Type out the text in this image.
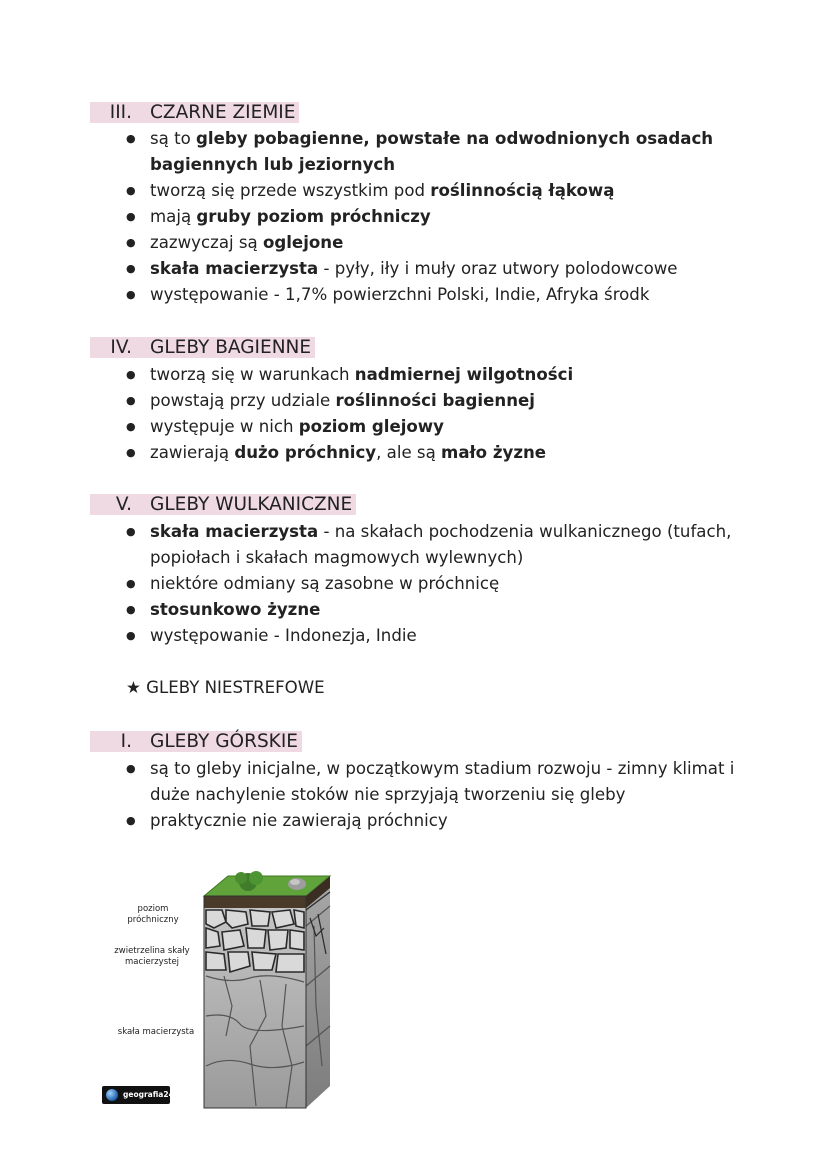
III. CZARNE ZIEMIE
● są to gleby pobagienne, powstałe na odwodnionych osadach bagiennych lub jeziornych
● tworzą się przede wszystkim pod roślinnością łąkową
● mają gruby poziom próchniczy
● zazwyczaj są oglejone
● skała macierzysta - pyły, iły i muły oraz utwory polodowcowe
● występowanie - 1,7% powierzchni Polski, Indie, Afryka środk
IV. GLEBY BAGIENNE
● tworzą się w warunkach nadmiernej wilgotności
● powstają przy udziale roślinności bagiennej
● występuje w nich poziom glejowy
● zawierają dużo próchnicy, ale są mało żyzne
V. GLEBY WULKANICZNE
● skała macierzysta - na skałach pochodzenia wulkanicznego (tufach, popiołach i skałach magmowych wylewnych)
● niektóre odmiany są zasobne w próchnicę
● stosunkowo żyzne
● występowanie - Indonezja, Indie
★ GLEBY NIESTREFOWE
I. GLEBY GÓRSKIE
● są to gleby inicjalne, w początkowym stadium rozwoju - zimny klimat i duże nachylenie stoków nie sprzyjają tworzeniu się gleby
● praktycznie nie zawierają próchnicy
poziom próchniczny
zwietrzelina skały macierzystej
skała macierzysta
geografia24.pl
